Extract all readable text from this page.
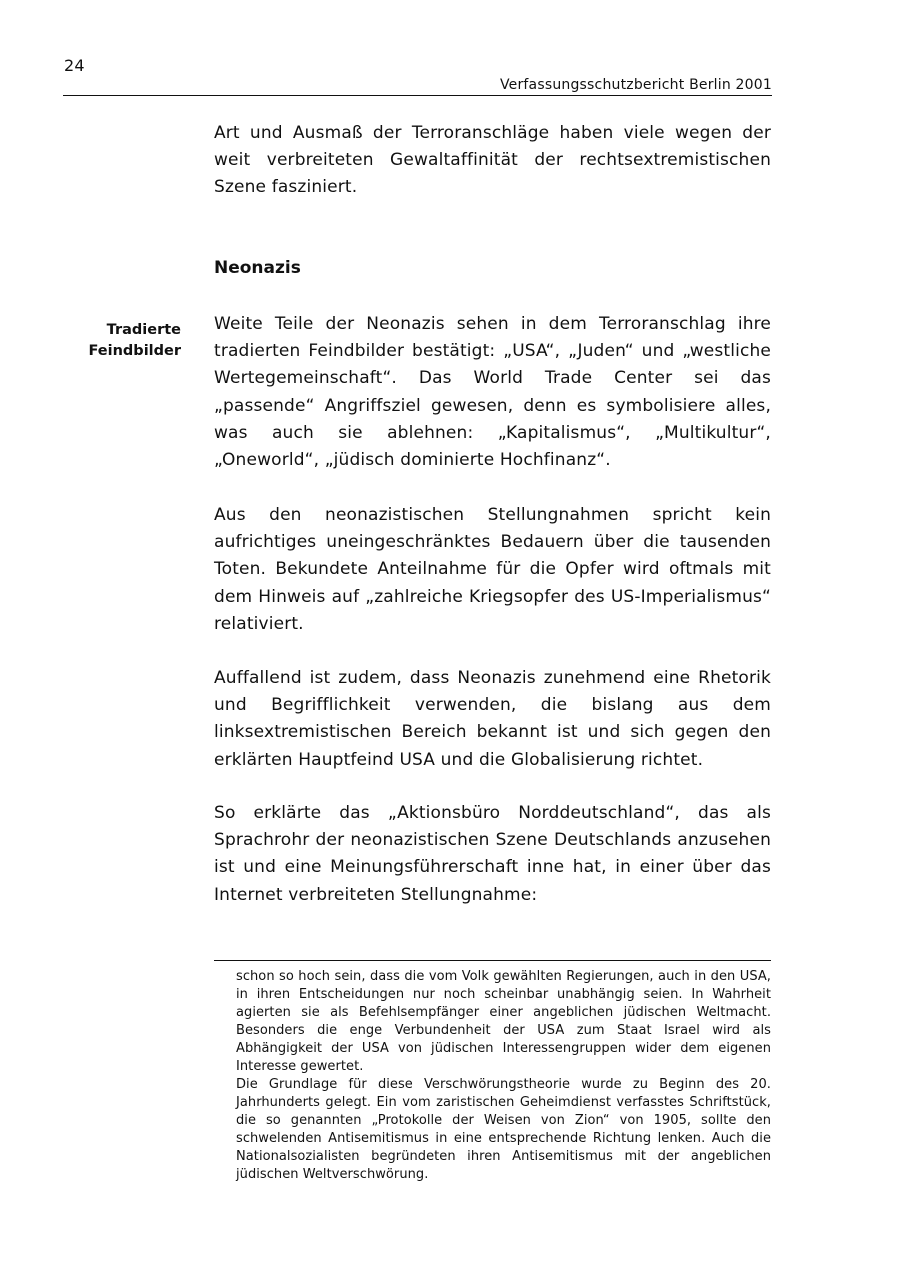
24
Verfassungsschutzbericht Berlin 2001

Art und Ausmaß der Terroranschläge haben viele wegen der weit verbreiteten Gewaltaffinität der rechtsextremistischen Szene fasziniert.

Neonazis
Tradierte Feindbilder

Weite Teile der Neonazis sehen in dem Terroranschlag ihre tradierten Feindbilder bestätigt: „USA“, „Juden“ und „westliche Wertegemeinschaft“. Das World Trade Center sei das „passende“ Angriffsziel gewesen, denn es symbolisiere alles, was auch sie ablehnen: „Kapitalismus“, „Multikultur“, „Oneworld“, „jüdisch dominierte Hochfinanz“.

Aus den neonazistischen Stellungnahmen spricht kein aufrichtiges uneingeschränktes Bedauern über die tausenden Toten. Bekundete Anteilnahme für die Opfer wird oftmals mit dem Hinweis auf „zahlreiche Kriegsopfer des US-Imperialismus“ relativiert.

Auffallend ist zudem, dass Neonazis zunehmend eine Rhetorik und Begrifflichkeit verwenden, die bislang aus dem linksextremistischen Bereich bekannt ist und sich gegen den erklärten Hauptfeind USA und die Globalisierung richtet.

So erklärte das „Aktionsbüro Norddeutschland“, das als Sprachrohr der neonazistischen Szene Deutschlands anzusehen ist und eine Meinungsführerschaft inne hat, in einer über das Internet verbreiteten Stellungnahme:

schon so hoch sein, dass die vom Volk gewählten Regierungen, auch in den USA, in ihren Entscheidungen nur noch scheinbar unabhängig seien. In Wahrheit agierten sie als Befehlsempfänger einer angeblichen jüdischen Weltmacht. Besonders die enge Verbundenheit der USA zum Staat Israel wird als Abhängigkeit der USA von jüdischen Interessengruppen wider dem eigenen Interesse gewertet.

Die Grundlage für diese Verschwörungstheorie wurde zu Beginn des 20. Jahrhunderts gelegt. Ein vom zaristischen Geheimdienst verfasstes Schriftstück, die so genannten „Protokolle der Weisen von Zion“ von 1905, sollte den schwelenden Antisemitismus in eine entsprechende Richtung lenken. Auch die Nationalsozialisten begründeten ihren Antisemitismus mit der angeblichen jüdischen Weltverschwörung.
